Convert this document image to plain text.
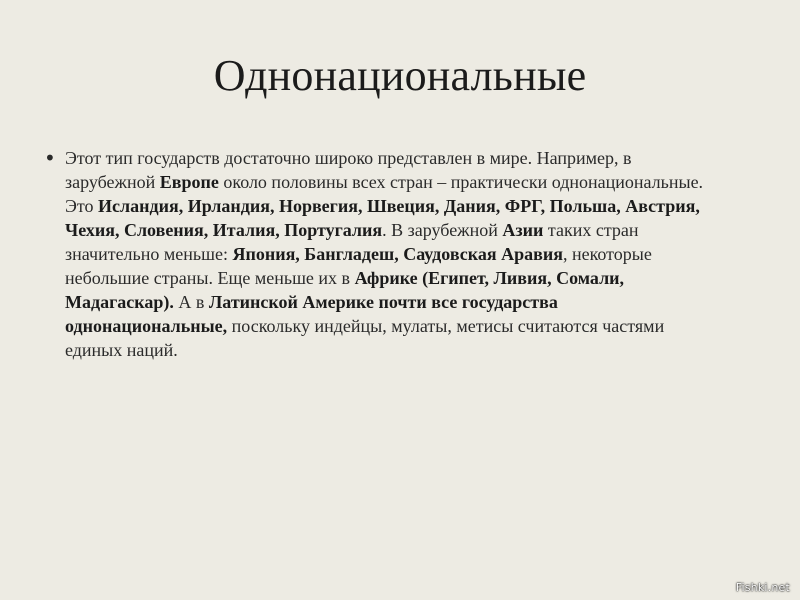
Однонациональные
• Этот тип государств достаточно широко представлен в мире. Например, в зарубежной Европе около половины всех стран – практически однонациональные. Это Исландия, Ирландия, Норвегия, Швеция, Дания, ФРГ, Польша, Австрия, Чехия, Словения, Италия, Португалия. В зарубежной Азии таких стран значительно меньше: Япония, Бангладеш, Саудовская Аравия, некоторые небольшие страны. Еще меньше их в Африке (Египет, Ливия, Сомали, Мадагаскар). А в Латинской Америке почти все государства однонациональные, поскольку индейцы, мулаты, метисы считаются частями единых наций.
Fishki.net
